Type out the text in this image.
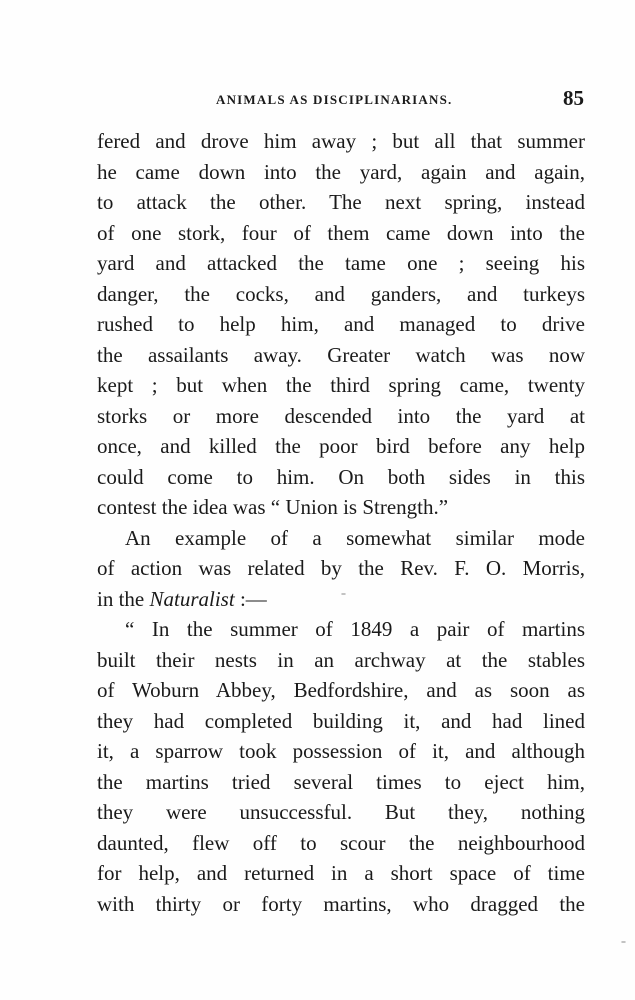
ANIMALS AS DISCIPLINARIANS.	85
fered and drove him away ; but all that summer
he came down into the yard, again and again,
to attack the other. The next spring, instead
of one stork, four of them came down into the
yard and attacked the tame one ; seeing his
danger, the cocks, and ganders, and turkeys
rushed to help him, and managed to drive
the assailants away. Greater watch was now
kept ; but when the third spring came, twenty
storks or more descended into the yard at
once, and killed the poor bird before any help
could come to him. On both sides in this
contest the idea was “ Union is Strength.”
An example of a somewhat similar mode
of action was related by the Rev. F. O. Morris,
in the Naturalist :—
“ In the summer of 1849 a pair of martins
built their nests in an archway at the stables
of Woburn Abbey, Bedfordshire, and as soon as
they had completed building it, and had lined
it, a sparrow took possession of it, and although
the martins tried several times to eject him,
they were unsuccessful. But they, nothing
daunted, flew off to scour the neighbourhood
for help, and returned in a short space of time
with thirty or forty martins, who dragged the
ˉ
ˉ
